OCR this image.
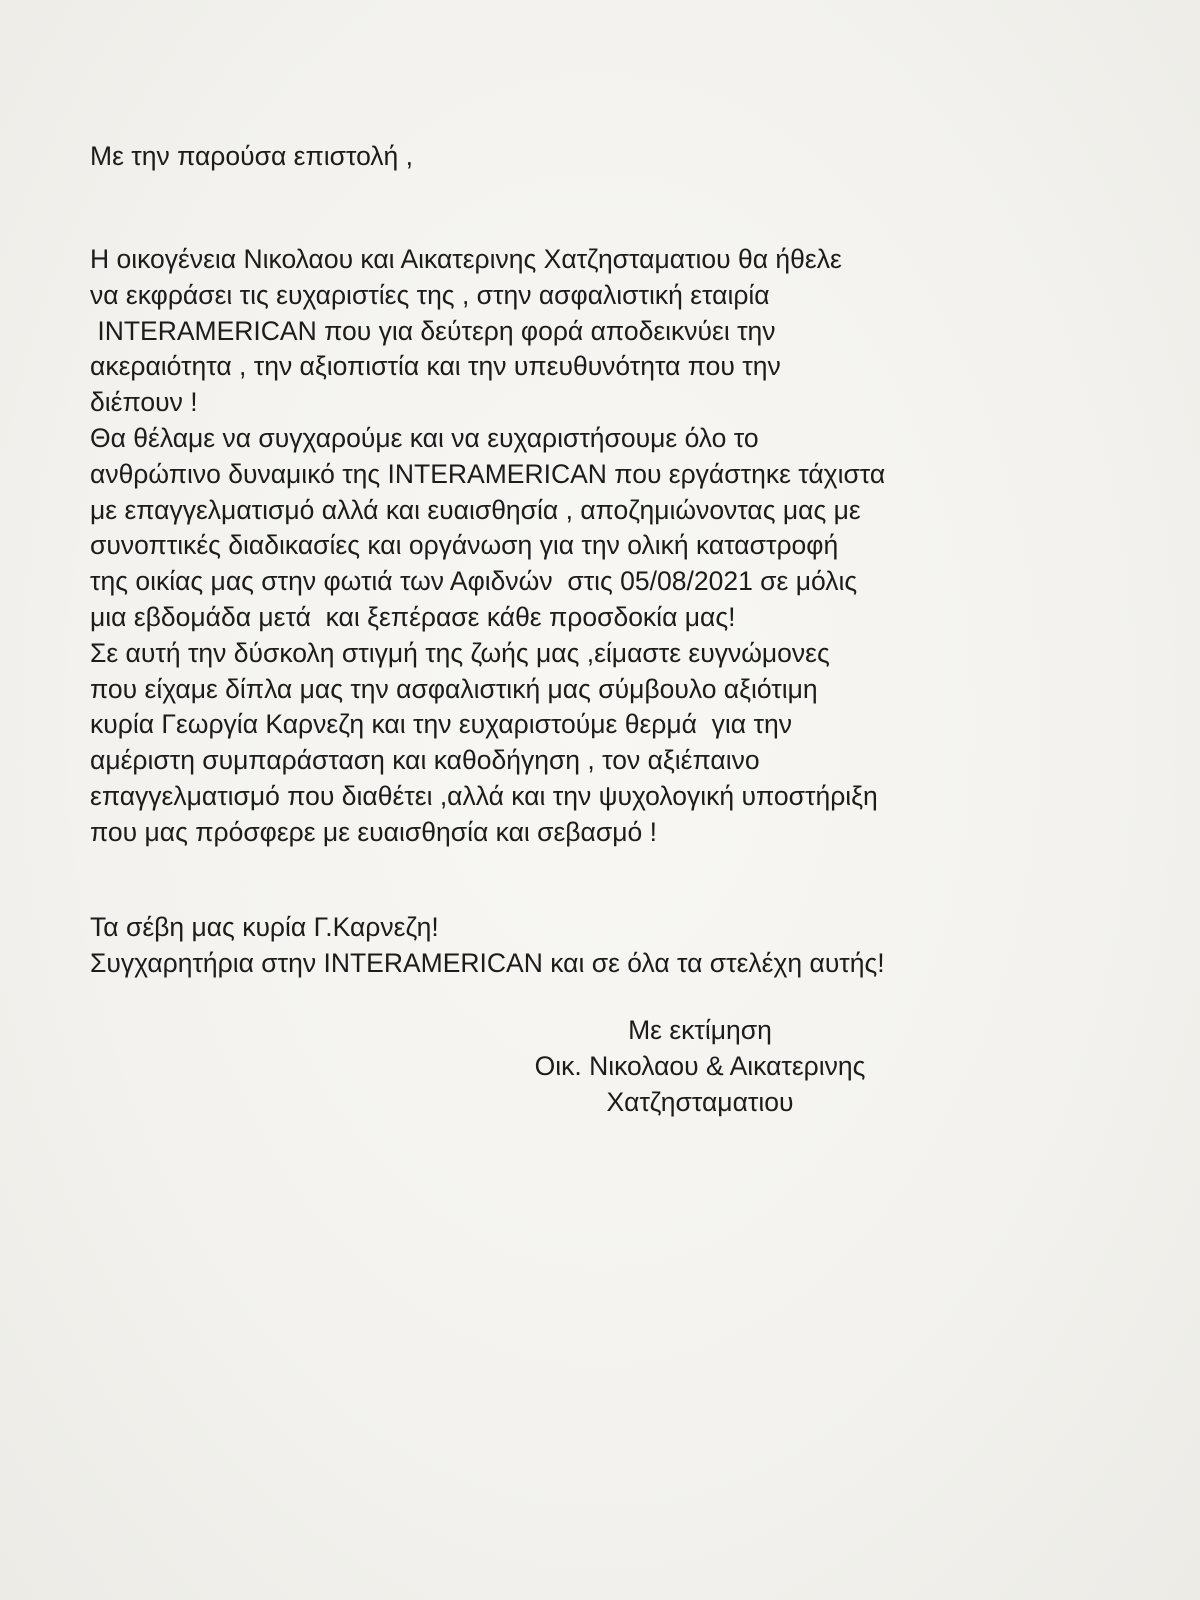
Με την παρούσα επιστολή ,
Η οικογένεια Νικολαου και Αικατερινης Χατζησταματιου θα ήθελε
να εκφράσει τις ευχαριστίες της , στην ασφαλιστική εταιρία
INTERAMERICAN που για δεύτερη φορά αποδεικνύει την
ακεραιότητα , την αξιοπιστία και την υπευθυνότητα που την
διέπουν !
Θα θέλαμε να συγχαρούμε και να ευχαριστήσουμε όλο το
ανθρώπινο δυναμικό της INTERAMERICAN που εργάστηκε τάχιστα
με επαγγελματισμό αλλά και ευαισθησία , αποζημιώνοντας μας με
συνοπτικές διαδικασίες και οργάνωση για την ολική καταστροφή
της οικίας μας στην φωτιά των Αφιδνών  στις 05/08/2021 σε μόλις
μια εβδομάδα μετά  και ξεπέρασε κάθε προσδοκία μας!
Σε αυτή την δύσκολη στιγμή της ζωής μας ,είμαστε ευγνώμονες
που είχαμε δίπλα μας την ασφαλιστική μας σύμβουλο αξιότιμη
κυρία Γεωργία Καρνεζη και την ευχαριστούμε θερμά  για την
αμέριστη συμπαράσταση και καθοδήγηση , τον αξιέπαινο
επαγγελματισμό που διαθέτει ,αλλά και την ψυχολογική υποστήριξη
που μας πρόσφερε με ευαισθησία και σεβασμό !
Τα σέβη μας κυρία Γ.Καρνεζη!
Συγχαρητήρια στην INTERAMERICAN και σε όλα τα στελέχη αυτής!
Με εκτίμηση
Οικ. Νικολαου & Αικατερινης
Χατζησταματιου
